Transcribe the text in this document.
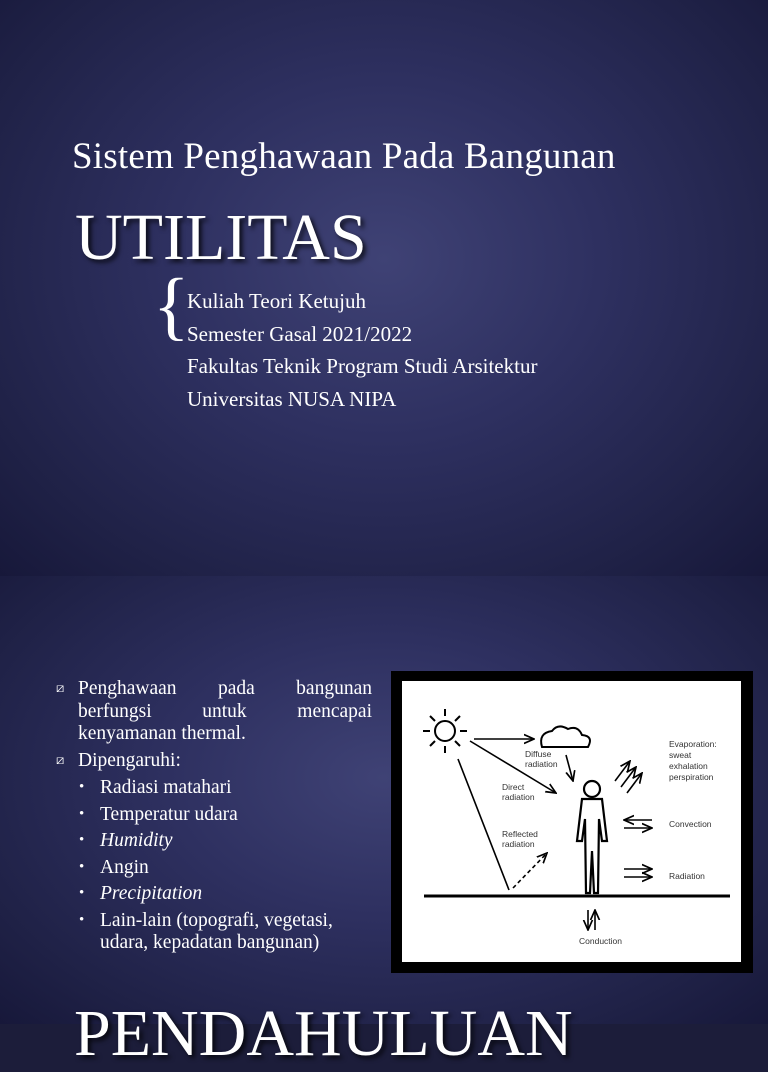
Sistem Penghawaan Pada Bangunan
UTILITAS
{
Kuliah Teori Ketujuh
Semester Gasal 2021/2022
Fakultas Teknik Program Studi Arsitektur
Universitas NUSA NIPA
⧄ Penghawaan pada bangunan berfungsi untuk mencapai kenyamanan thermal.
⧄ Dipengaruhi:
• Radiasi matahari
• Temperatur udara
• Humidity
• Angin
• Precipitation
• Lain-lain (topografi, vegetasi, udara, kepadatan bangunan)
Diffuse
radiation
Direct
radiation
Reflected
radiation
Evaporation:
sweat
exhalation
perspiration
Convection
Radiation
Conduction
PENDAHULUAN
